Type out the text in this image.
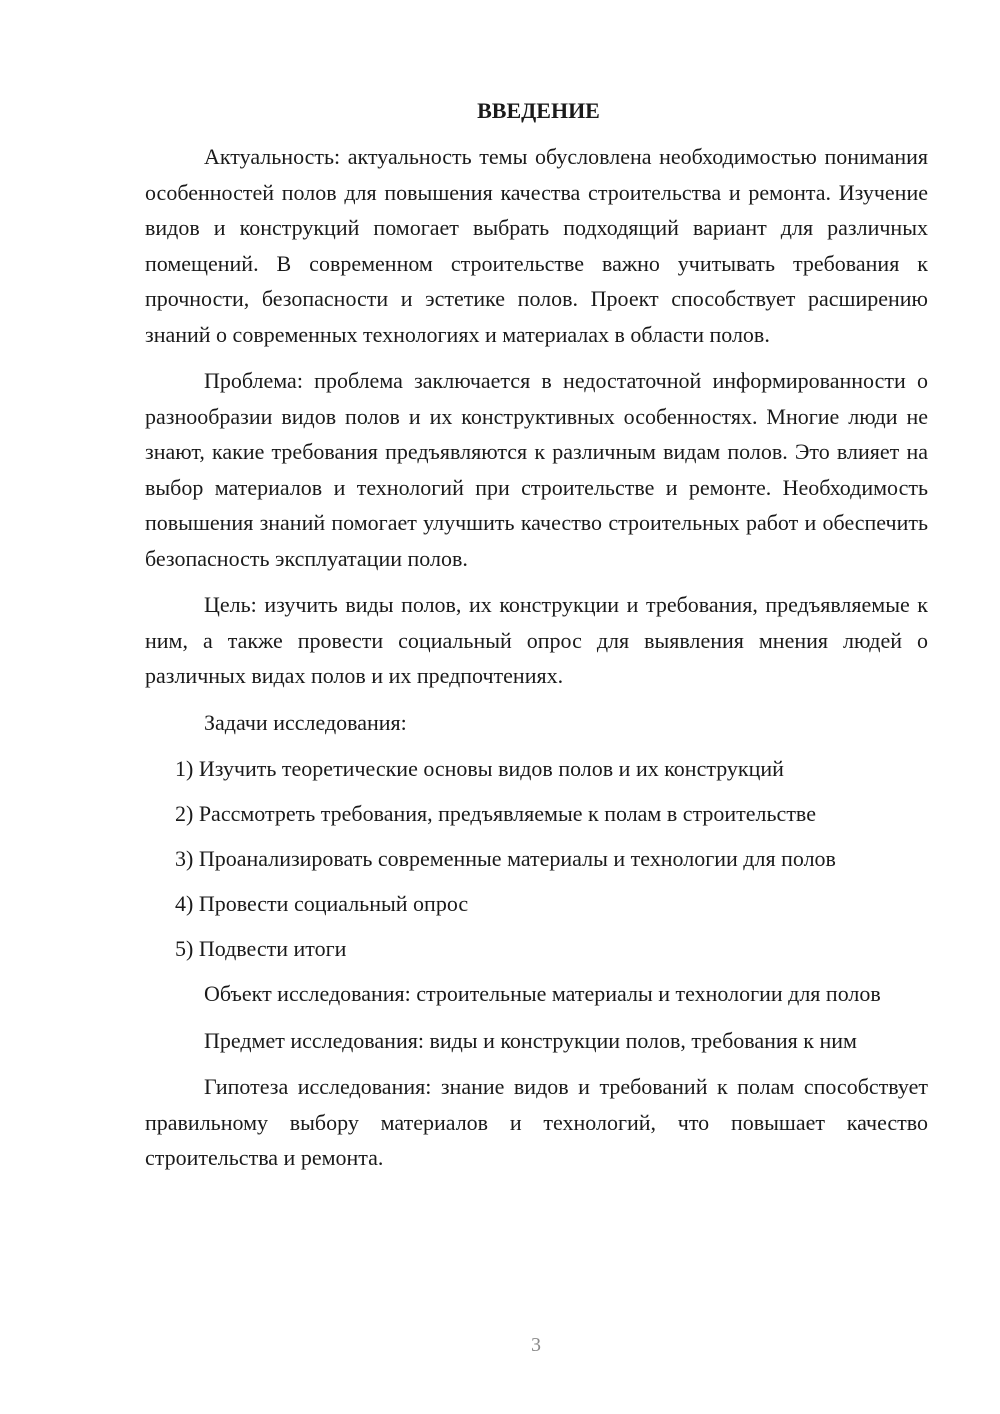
ВВЕДЕНИЕ

Актуальность: актуальность темы обусловлена необходимостью понимания особенностей полов для повышения качества строительства и ремонта. Изучение видов и конструкций помогает выбрать подходящий вариант для различных помещений. В современном строительстве важно учитывать требования к прочности, безопасности и эстетике полов. Проект способствует расширению знаний о современных технологиях и материалах в области полов.

Проблема: проблема заключается в недостаточной информированности о разнообразии видов полов и их конструктивных особенностях. Многие люди не знают, какие требования предъявляются к различным видам полов. Это влияет на выбор материалов и технологий при строительстве и ремонте. Необходимость повышения знаний помогает улучшить качество строительных работ и обеспечить безопасность эксплуатации полов.

Цель: изучить виды полов, их конструкции и требования, предъявляемые к ним, а также провести социальный опрос для выявления мнения людей о различных видах полов и их предпочтениях.

Задачи исследования:

1) Изучить теоретические основы видов полов и их конструкций
2) Рассмотреть требования, предъявляемые к полам в строительстве
3) Проанализировать современные материалы и технологии для полов
4) Провести социальный опрос
5) Подвести итоги

Объект исследования: строительные материалы и технологии для полов

Предмет исследования: виды и конструкции полов, требования к ним

Гипотеза исследования: знание видов и требований к полам способствует правильному выбору материалов и технологий, что повышает качество строительства и ремонта.

3
